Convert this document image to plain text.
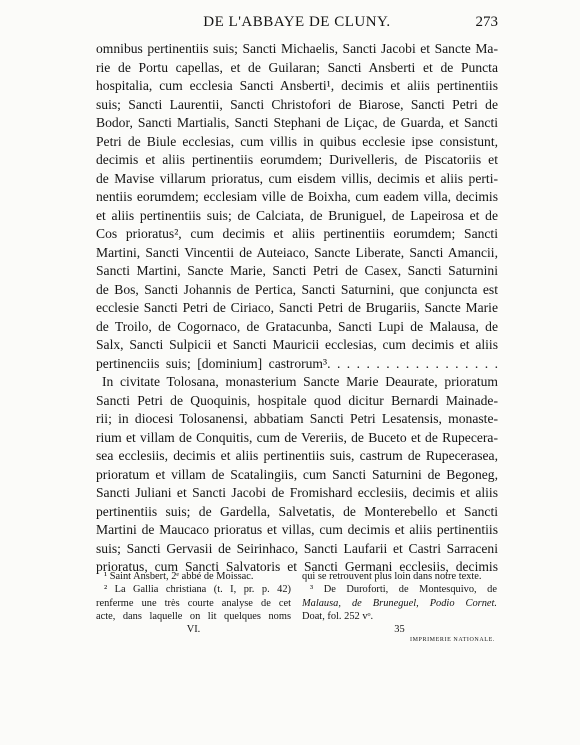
DE L'ABBAYE DE CLUNY.	273
omnibus pertinentiis suis; Sancti Michaelis, Sancti Jacobi et Sancte Ma-
rie de Portu capellas, et de Guilaran; Sancti Ansberti et de Puncta
hospitalia, cum ecclesia Sancti Ansberti¹, decimis et aliis pertinentiis
suis; Sancti Laurentii, Sancti Christofori de Biarose, Sancti Petri de
Bodor, Sancti Martialis, Sancti Stephani de Liçac, de Guarda, et Sancti
Petri de Biule ecclesias, cum villis in quibus ecclesie ipse consistunt,
decimis et aliis pertinentiis eorumdem; Durivelleris, de Piscatoriis et
de Mavise villarum prioratus, cum eisdem villis, decimis et aliis perti-
nentiis eorumdem; ecclesiam ville de Boixha, cum eadem villa, decimis
et aliis pertinentiis suis; de Calciata, de Bruniguel, de Lapeirosa et de
Cos prioratus², cum decimis et aliis pertinentiis eorumdem; Sancti
Martini, Sancti Vincentii de Auteiaco, Sancte Liberate, Sancti Amancii,
Sancti Martini, Sancte Marie, Sancti Petri de Casex, Sancti Saturnini
de Bos, Sancti Johannis de Pertica, Sancti Saturnini, que conjuncta est
ecclesie Sancti Petri de Ciriaco, Sancti Petri de Brugariis, Sancte Marie
de Troilo, de Cogornaco, de Gratacunba, Sancti Lupi de Malausa, de
Salx, Sancti Sulpicii et Sancti Mauricii ecclesias, cum decimis et aliis
pertinenciis suis; [dominium] castrorum³. . . . . . . . . . . . . . . . . .
In civitate Tolosana, monasterium Sancte Marie Deaurate, prioratum
Sancti Petri de Quoquinis, hospitale quod dicitur Bernardi Mainade-
rii; in diocesi Tolosanensi, abbatiam Sancti Petri Lesatensis, monaste-
rium et villam de Conquitis, cum de Vereriis, de Buceto et de Rupecera-
sea ecclesiis, decimis et aliis pertinentiis suis, castrum de Rupecerasea,
prioratum et villam de Scatalingiis, cum Sancti Saturnini de Begoneg,
Sancti Juliani et Sancti Jacobi de Fromishard ecclesiis, decimis et aliis
pertinentiis suis; de Gardella, Salvetatis, de Monterebello et Sancti
Martini de Maucaco prioratus et villas, cum decimis et aliis pertinentiis
suis; Sancti Gervasii de Seirinhaco, Sancti Laufarii et Castri Sarraceni
prioratus, cum Sancti Salvatoris et Sancti Germani ecclesiis, decimis
¹ Saint Ansbert, 2ᵉ abbé de Moissac.
² La Gallia christiana (t. I, pr. p. 42)
renferme une très courte analyse de cet
acte, dans laquelle on lit quelques noms
VI.
qui se retrouvent plus loin dans notre texte.
³ De Duroforti, de Montesquivo, de
Malausa, de Bruneguel, Podio Cornet.
Doat, fol. 252 vᵒ.
35
IMPRIMERIE NATIONALE.
